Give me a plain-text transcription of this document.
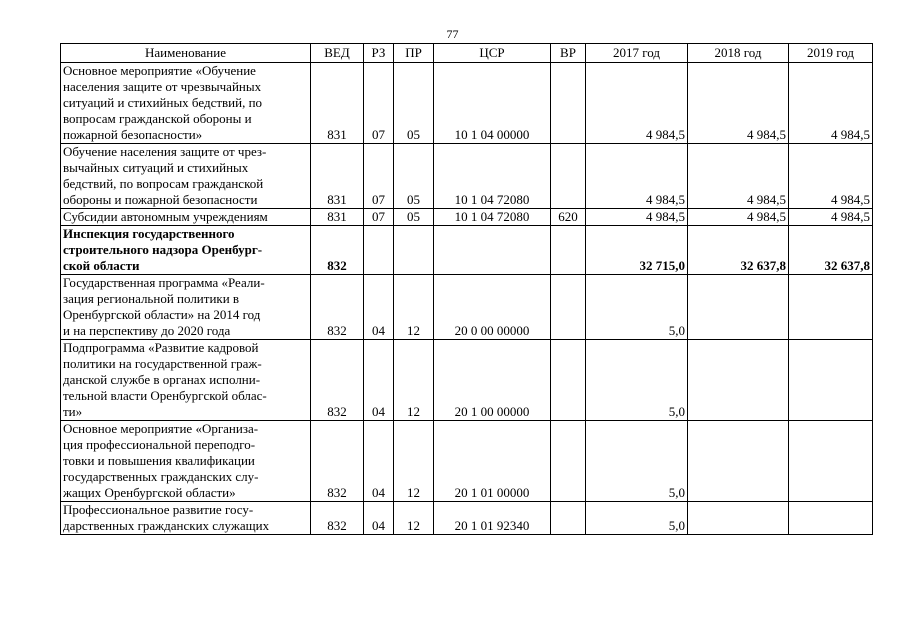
77
Наименование	ВЕД	РЗ	ПР	ЦСР	ВР	2017 год	2018 год	2019 год

Основное мероприятие «Обучение
населения защите от чрезвычайных
ситуаций и стихийных бедствий, по
вопросам гражданской обороны и
пожарной безопасности»	831	07	05	10 1 04 00000		4 984,5	4 984,5	4 984,5

Обучение населения защите от чрез-
вычайных ситуаций и стихийных
бедствий, по вопросам гражданской
обороны и пожарной безопасности	831	07	05	10 1 04 72080		4 984,5	4 984,5	4 984,5

Субсидии автономным учреждениям	831	07	05	10 1 04 72080	620	4 984,5	4 984,5	4 984,5

Инспекция государственного
строительного надзора Оренбург-
ской области	832					32 715,0	32 637,8	32 637,8

Государственная программа «Реали-
зация региональной политики в
Оренбургской области» на 2014 год
и на перспективу до 2020 года	832	04	12	20 0 00 00000		5,0		

Подпрограмма «Развитие кадровой
политики на государственной граж-
данской службе в органах исполни-
тельной власти Оренбургской облас-
ти»	832	04	12	20 1 00 00000		5,0		

Основное мероприятие «Организа-
ция профессиональной переподго-
товки и повышения квалификации
государственных гражданских слу-
жащих Оренбургской области»	832	04	12	20 1 01 00000		5,0		

Профессиональное развитие госу-
дарственных гражданских служащих	832	04	12	20 1 01 92340		5,0		
